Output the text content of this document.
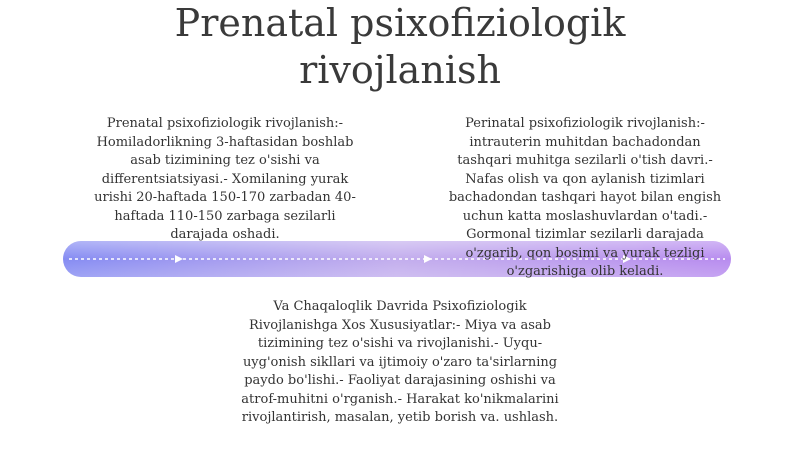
Prenatal psixofiziologik
rivojlanish
Prenatal psixofiziologik rivojlanish:-
Homiladorlikning 3-haftasidan boshlab
asab tizimining tez o'sishi va
differentsiatsiyasi.- Xomilaning yurak
urishi 20-haftada 150-170 zarbadan 40-
haftada 110-150 zarbaga sezilarli
darajada oshadi.
Perinatal psixofiziologik rivojlanish:-
intrauterin muhitdan bachadondan
tashqari muhitga sezilarli o'tish davri.-
Nafas olish va qon aylanish tizimlari
bachadondan tashqari hayot bilan engish
uchun katta moslashuvlardan o'tadi.-
Gormonal tizimlar sezilarli darajada
o'zgarib, qon bosimi va yurak tezligi
o'zgarishiga olib keladi.
Va Chaqaloqlik Davrida Psixofiziologik
Rivojlanishga Xos Xususiyatlar:- Miya va asab
tizimining tez o'sishi va rivojlanishi.- Uyqu-
uyg'onish sikllari va ijtimoiy o'zaro ta'sirlarning
paydo bo'lishi.- Faoliyat darajasining oshishi va
atrof-muhitni o'rganish.- Harakat ko'nikmalarini
rivojlantirish, masalan, yetib borish va. ushlash.
